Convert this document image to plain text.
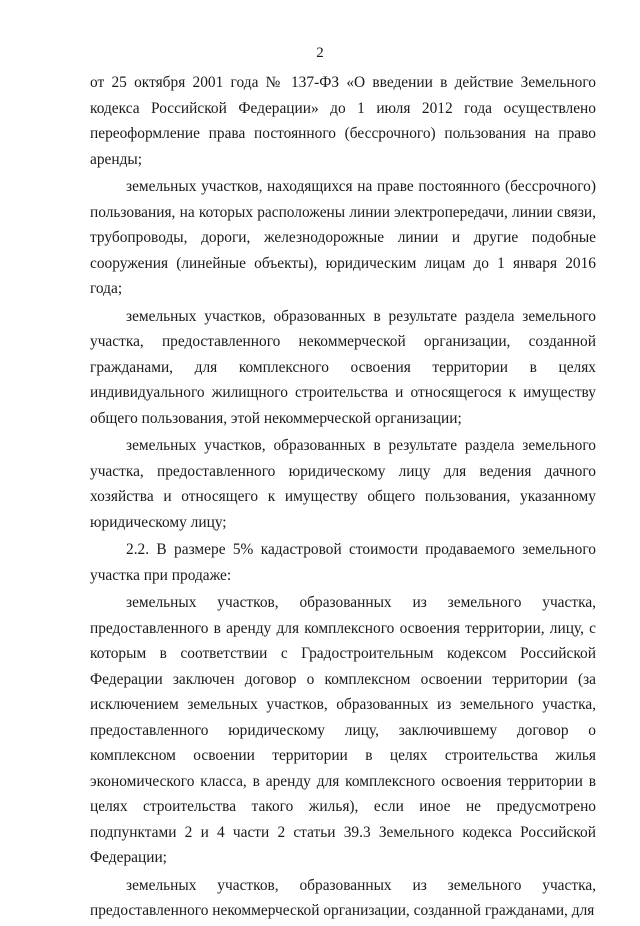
2

от 25 октября 2001 года № 137-ФЗ «О введении в действие Земельного кодекса Российской Федерации» до 1 июля 2012 года осуществлено переоформление права постоянного (бессрочного) пользования на право аренды;

земельных участков, находящихся на праве постоянного (бессрочного) пользования, на которых расположены линии электропередачи, линии связи, трубопроводы, дороги, железнодорожные линии и другие подобные сооружения (линейные объекты), юридическим лицам до 1 января 2016 года;

земельных участков, образованных в результате раздела земельного участка, предоставленного некоммерческой организации, созданной гражданами, для комплексного освоения территории в целях индивидуального жилищного строительства и относящегося к имуществу общего пользования, этой некоммерческой организации;

земельных участков, образованных в результате раздела земельного участка, предоставленного юридическому лицу для ведения дачного хозяйства и относящего к имуществу общего пользования, указанному юридическому лицу;

2.2. В размере 5% кадастровой стоимости продаваемого земельного участка при продаже:

земельных участков, образованных из земельного участка, предоставленного в аренду для комплексного освоения территории, лицу, с которым в соответствии с Градостроительным кодексом Российской Федерации заключен договор о комплексном освоении территории (за исключением земельных участков, образованных из земельного участка, предоставленного юридическому лицу, заключившему договор о комплексном освоении территории в целях строительства жилья экономического класса, в аренду для комплексного освоения территории в целях строительства такого жилья), если иное не предусмотрено подпунктами 2 и 4 части 2 статьи 39.3 Земельного кодекса Российской Федерации;

земельных участков, образованных из земельного участка, предоставленного некоммерческой организации, созданной гражданами, для
